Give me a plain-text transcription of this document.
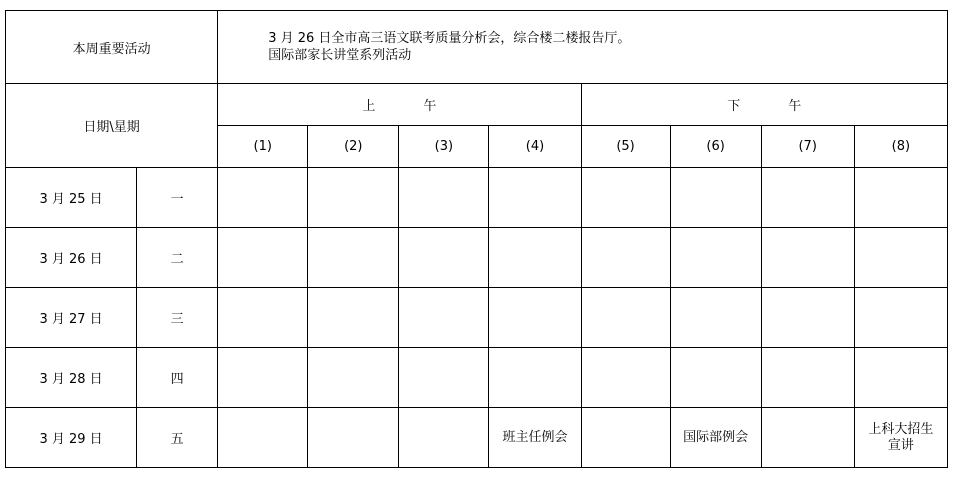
本周重要活动		3 月 26 日全市高三语文联考质量分析会，综合楼二楼报告厅。
国际部家长讲堂系列活动							

日期\星期		上 午				下 午			
		(1)	(2)	(3)	(4)	(5)	(6)	(7)	(8)
3 月 25 日	一								
3 月 26 日	二								
3 月 27 日	三								
3 月 28 日	四								
3 月 29 日	五				班主任例会		国际部例会		上科大招生
宣讲
